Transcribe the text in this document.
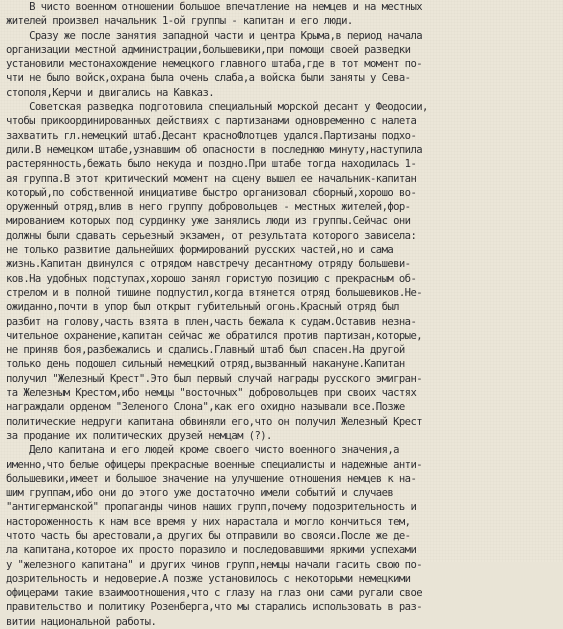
В чисто военном отношении большое впечатление на немцев и на местных
жителей произвел начальник 1-ой группы - капитан и его люди.
Сразу же после занятия западной части и центра Крыма,в период начала
организации местной администрации,большевики,при помощи своей разведки
установили местонахождение немецкого главного штаба,где в тот момент по-
чти не было войск,охрана была очень слаба,а войска были заняты у Сева-
стополя,Керчи и двигались на Кавказ.
Советская разведка подготовила специальный морской десант у Феодосии,
чтобы прикоординированных действиях с партизанами одновременно с налета
захватить гл.немецкий штаб.Десант красноФлотцев удался.Партизаны подхо-
дили.В немецком штабе,узнавшим об опасности в последнюю минуту,наступила
растерянность,бежать было некуда и поздно.При штабе тогда находилась 1-
ая группа.В этот критический момент на сцену вышел ее начальник-капитан
который,по собственной инициативе быстро организовал сборный,хорошо во-
оруженный отряд,влив в него группу добровольцев - местных жителей,фор-
мированием которых под сурдинку уже занялись люди из группы.Сейчас они
должны были сдавать серьезный экзамен, от результата которого зависела:
не только развитие дальнейших формирований русских частей,но и сама
жизнь.Капитан двинулся с отрядом навстречу десантному отряду большеви-
ков.На удобных подступах,хорошо занял гористую позицию с прекрасным об-
стрелом и в полной тишине подпустил,когда втянется отряд большевиков.Не-
ожиданно,почти в упор был открыт губительный огонь.Красный отряд был
разбит на голову,часть взята в плен,часть бежала к судам.Оставив незна-
чительное охранение,капитан сейчас же обратился против партизан,которые,
не приняв боя,разбежались и сдались.Главный штаб был спасен.На другой
только день подошел сильный немецкий отряд,вызванный накануне.Капитан
получил "Железный Крест".Это был первый случай награды русского эмигран-
та Железным Крестом,ибо немцы "восточных" добровольцев при своих частях
награждали орденом "Зеленого Слона",как его охидно называли все.Позже
политические недруги капитана обвиняли его,что он получил Железный Крест
за продание их политических друзей немцам (?).
Дело капитана и его людей кроме своего чисто военного значения,а
именно,что белые офицеры прекрасные военные специалисты и надежные анти-
большевики,имеет и большое значение на улучшение отношения немцев к на-
шим группам,ибо они до этого уже достаточно имели событий и случаев
"антигерманской" пропаганды чинов наших групп,почему подозрительность и
настороженность к нам все время у них нарастала и могло кончиться тем,
чтото часть бы арестовали,а других бы отправили во свояси.После же де-
ла капитана,которое их просто поразило и последовавшими яркими успехами
у "железного капитана" и других чинов групп,немцы начали гасить свою по-
дозрительность и недоверие.А позже установилось с некоторыми немецкими
офицерами такие взаимоотношения,что с глазу на глаз они сами ругали свое
правительство и политику Розенберга,что мы старались использовать в раз-
витии национальной работы.
